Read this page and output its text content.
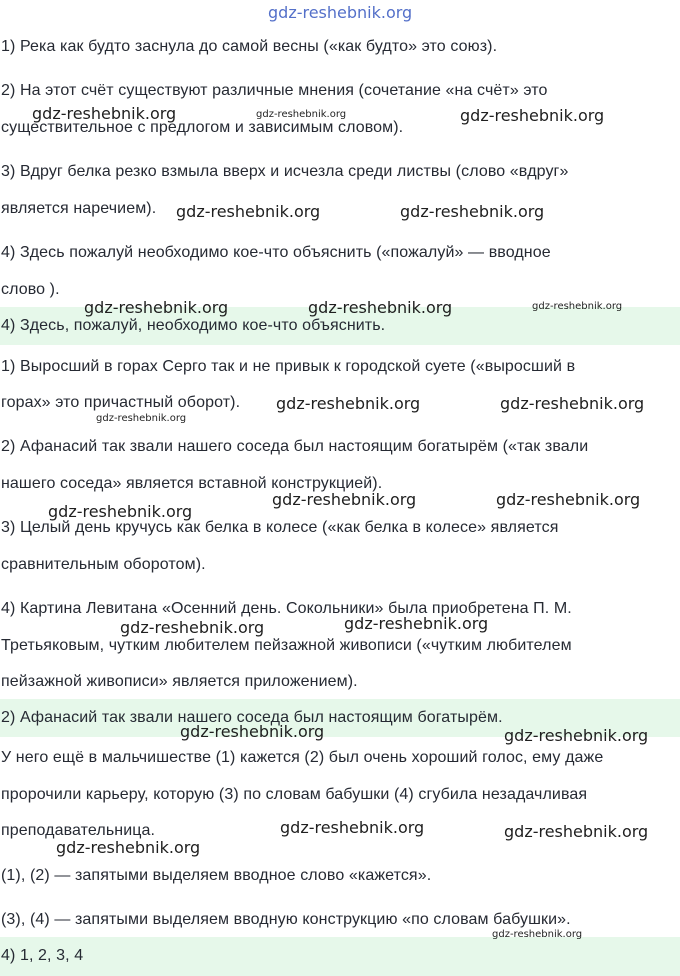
gdz-reshebnik.org

1) Река как будто заснула до самой весны («как будто» это союз).

2) На этот счёт существуют различные мнения (сочетание «на счёт» это

существительное с предлогом и зависимым словом).

3) Вдруг белка резко взмыла вверх и исчезла среди листвы (слово «вдруг»

является наречием).

4) Здесь пожалуй необходимо кое-что объяснить («пожалуй» — вводное

слово ).

4) Здесь, пожалуй, необходимо кое-что объяснить.

1) Выросший в горах Серго так и не привык к городской суете («выросший в

горах» это причастный оборот).

2) Афанасий так звали нашего соседа был настоящим богатырём («так звали

нашего соседа» является вставной конструкцией).

3) Целый день кручусь как белка в колесе («как белка в колесе» является

сравнительным оборотом).

4) Картина Левитана «Осенний день. Сокольники» была приобретена П. М.

Третьяковым, чутким любителем пейзажной живописи («чутким любителем

пейзажной живописи» является приложением).

2) Афанасий так звали нашего соседа был настоящим богатырём.

У него ещё в мальчишестве (1) кажется (2) был очень хороший голос, ему даже

пророчили карьеру, которую (3) по словам бабушки (4) сгубила незадачливая

преподавательница.

(1), (2) — запятыми выделяем вводное слово «кажется».

(3), (4) — запятыми выделяем вводную конструкцию «по словам бабушки».

4) 1, 2, 3, 4

gdz-reshebnik.org	gdz-reshebnik.org	gdz-reshebnik.org
gdz-reshebnik.org	gdz-reshebnik.org
gdz-reshebnik.org	gdz-reshebnik.org	gdz-reshebnik.org
gdz-reshebnik.org	gdz-reshebnik.org
gdz-reshebnik.org
gdz-reshebnik.org	gdz-reshebnik.org
gdz-reshebnik.org
gdz-reshebnik.org
gdz-reshebnik.org
gdz-reshebnik.org	gdz-reshebnik.org
gdz-reshebnik.org	gdz-reshebnik.org
gdz-reshebnik.org
gdz-reshebnik.org
